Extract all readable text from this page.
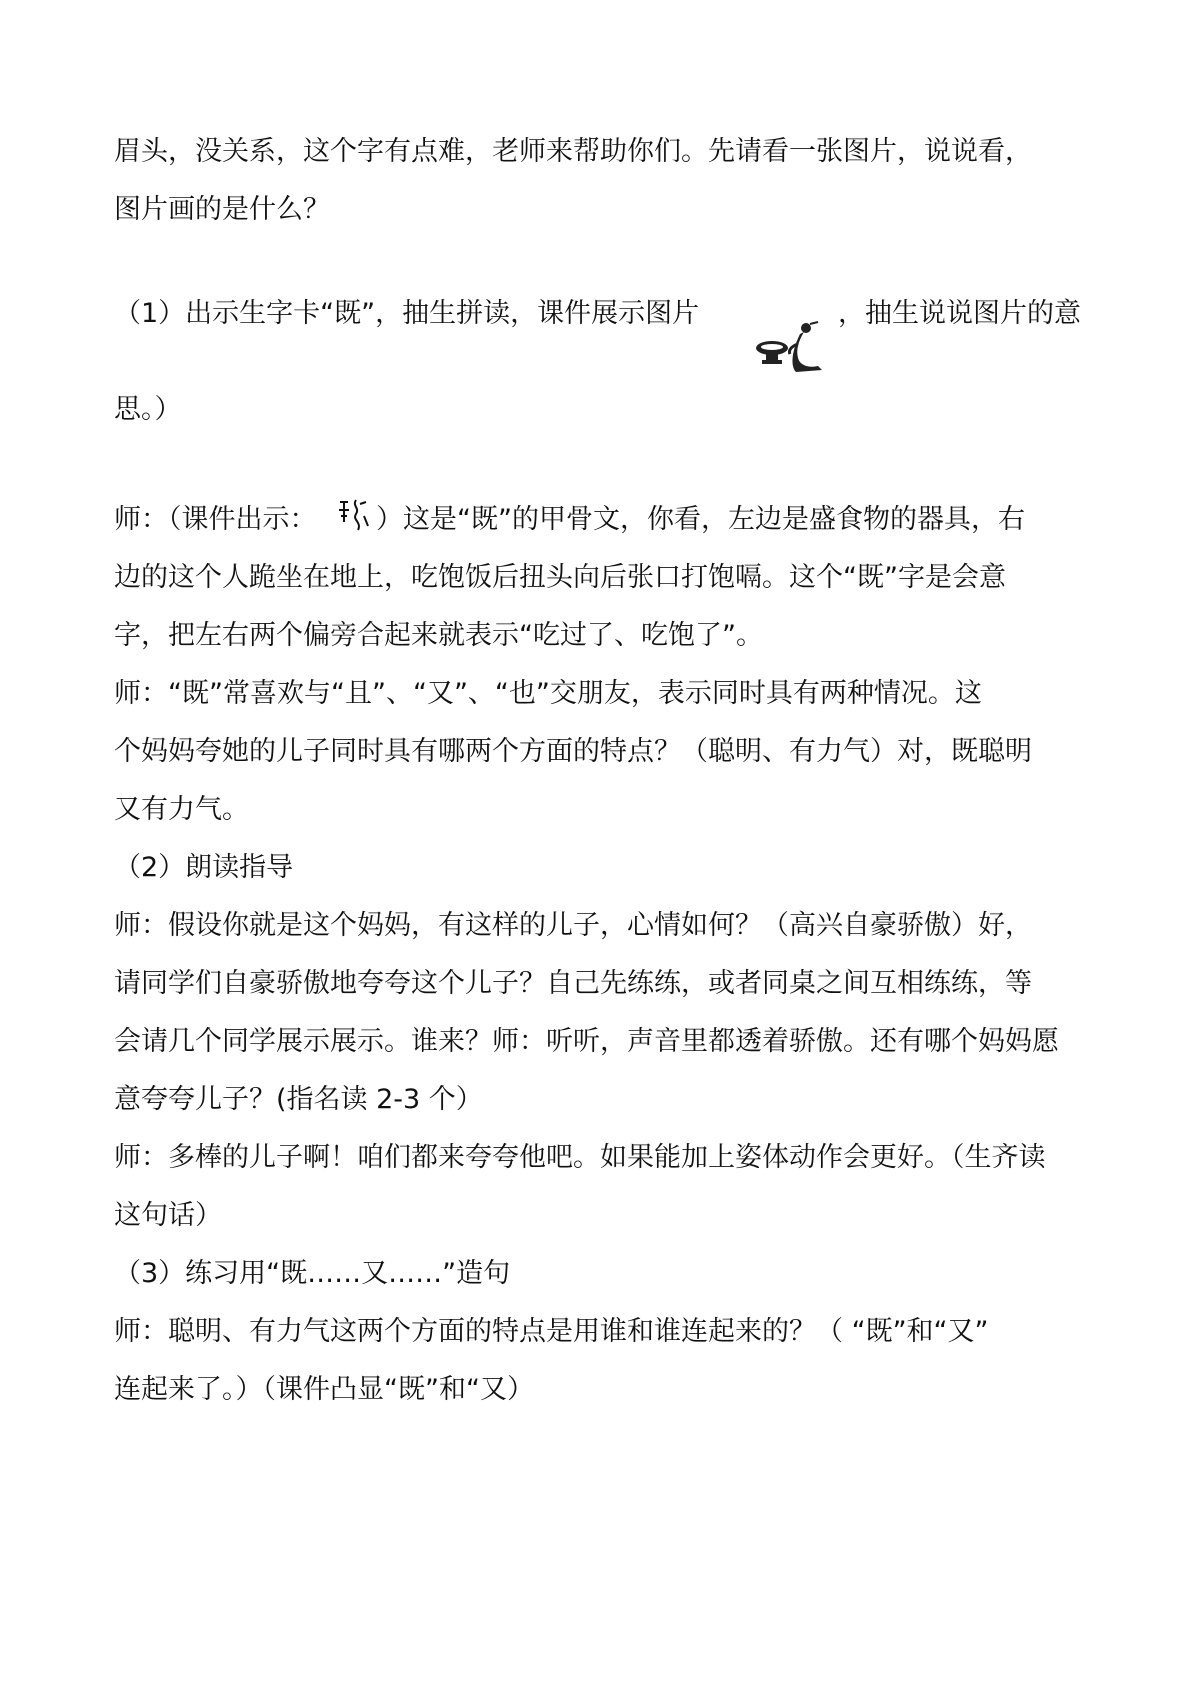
眉头，没关系，这个字有点难，老师来帮助你们。先请看一张图片，说说看，
图片画的是什么？
（1）出示生字卡“既”，抽生拼读，课件展示图片	，抽生说说图片的意
思。）
师：（课件出示：	）这是“既”的甲骨文，你看，左边是盛食物的器具，右
边的这个人跪坐在地上，吃饱饭后扭头向后张口打饱嗝。这个“既”字是会意
字，把左右两个偏旁合起来就表示“吃过了、吃饱了”。
师：“既”常喜欢与“且”、“又”、“也”交朋友，表示同时具有两种情况。这
个妈妈夸她的儿子同时具有哪两个方面的特点？（聪明、有力气）对，既聪明
又有力气。
（2）朗读指导
师：假设你就是这个妈妈，有这样的儿子，心情如何？（高兴自豪骄傲）好，
请同学们自豪骄傲地夸夸这个儿子？自己先练练，或者同桌之间互相练练，等
会请几个同学展示展示。谁来？师：听听，声音里都透着骄傲。还有哪个妈妈愿
意夸夸儿子？(指名读 2-3 个）
师：多棒的儿子啊！咱们都来夸夸他吧。如果能加上姿体动作会更好。（生齐读
这句话）
（3）练习用“既……又……”造句
师：聪明、有力气这两个方面的特点是用谁和谁连起来的？（ “既”和“又”
连起来了。）（课件凸显“既”和“又）
